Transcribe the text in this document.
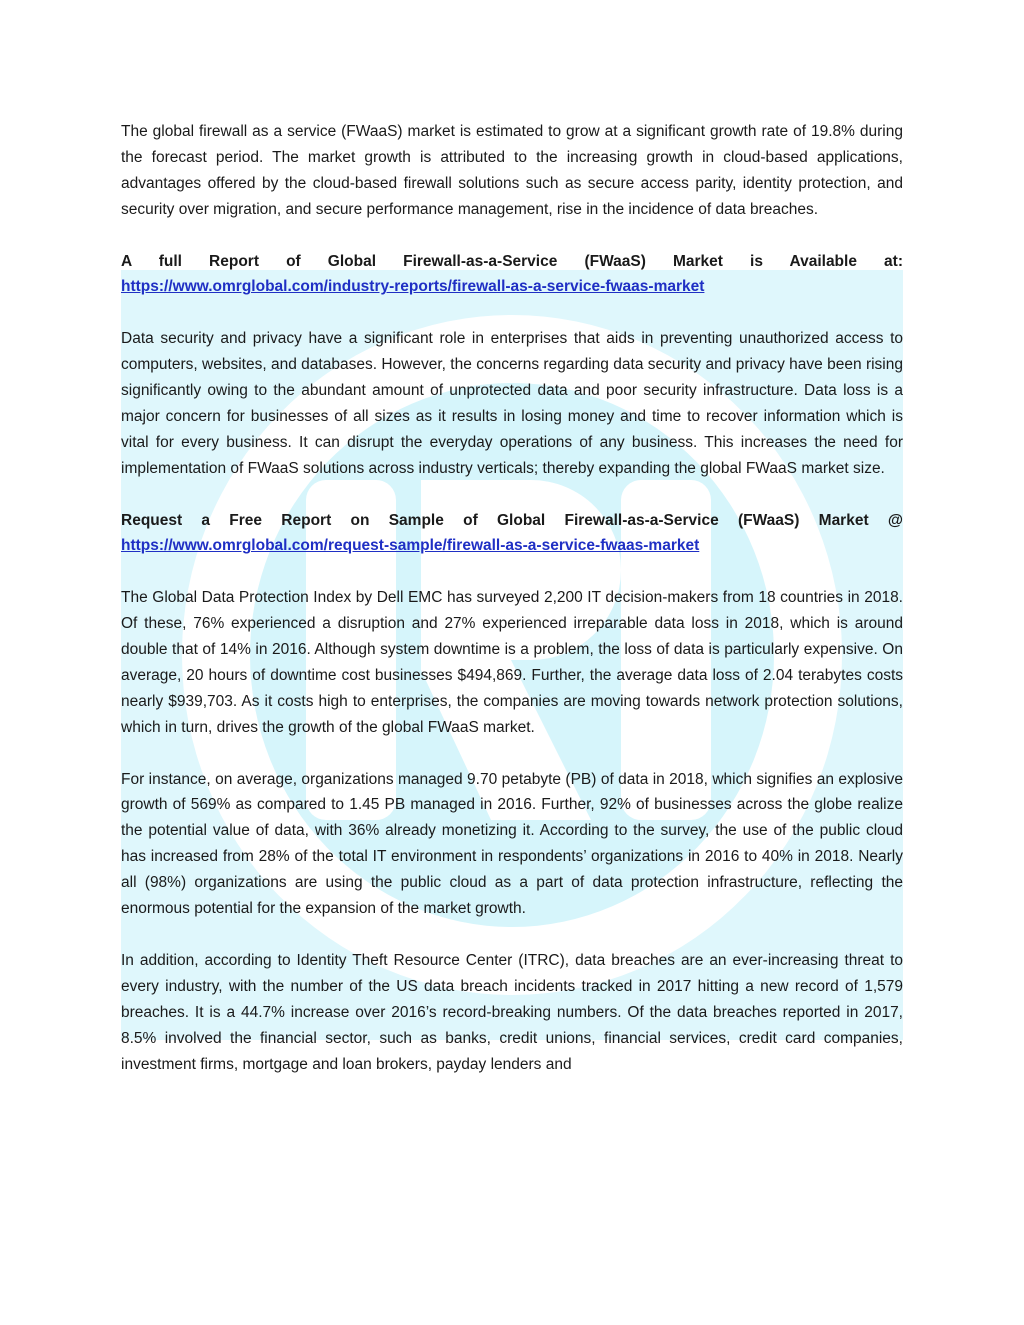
The global firewall as a service (FWaaS) market is estimated to grow at a significant growth rate of 19.8% during the forecast period. The market growth is attributed to the increasing growth in cloud-based applications, advantages offered by the cloud-based firewall solutions such as secure access parity, identity protection, and security over migration, and secure performance management, rise in the incidence of data breaches.

A full Report of Global Firewall-as-a-Service (FWaaS) Market is Available at:
https://www.omrglobal.com/industry-reports/firewall-as-a-service-fwaas-market

Data security and privacy have a significant role in enterprises that aids in preventing unauthorized access to computers, websites, and databases. However, the concerns regarding data security and privacy have been rising significantly owing to the abundant amount of unprotected data and poor security infrastructure. Data loss is a major concern for businesses of all sizes as it results in losing money and time to recover information which is vital for every business. It can disrupt the everyday operations of any business. This increases the need for implementation of FWaaS solutions across industry verticals; thereby expanding the global FWaaS market size.

Request a Free Report on Sample of Global Firewall-as-a-Service (FWaaS) Market @
https://www.omrglobal.com/request-sample/firewall-as-a-service-fwaas-market

The Global Data Protection Index by Dell EMC has surveyed 2,200 IT decision-makers from 18 countries in 2018. Of these, 76% experienced a disruption and 27% experienced irreparable data loss in 2018, which is around double that of 14% in 2016. Although system downtime is a problem, the loss of data is particularly expensive. On average, 20 hours of downtime cost businesses $494,869. Further, the average data loss of 2.04 terabytes costs nearly $939,703. As it costs high to enterprises, the companies are moving towards network protection solutions, which in turn, drives the growth of the global FWaaS market.

For instance, on average, organizations managed 9.70 petabyte (PB) of data in 2018, which signifies an explosive growth of 569% as compared to 1.45 PB managed in 2016. Further, 92% of businesses across the globe realize the potential value of data, with 36% already monetizing it. According to the survey, the use of the public cloud has increased from 28% of the total IT environment in respondents’ organizations in 2016 to 40% in 2018. Nearly all (98%) organizations are using the public cloud as a part of data protection infrastructure, reflecting the enormous potential for the expansion of the market growth.

In addition, according to Identity Theft Resource Center (ITRC), data breaches are an ever-increasing threat to every industry, with the number of the US data breach incidents tracked in 2017 hitting a new record of 1,579 breaches. It is a 44.7% increase over 2016’s record-breaking numbers. Of the data breaches reported in 2017, 8.5% involved the financial sector, such as banks, credit unions, financial services, credit card companies, investment firms, mortgage and loan brokers, payday lenders and
